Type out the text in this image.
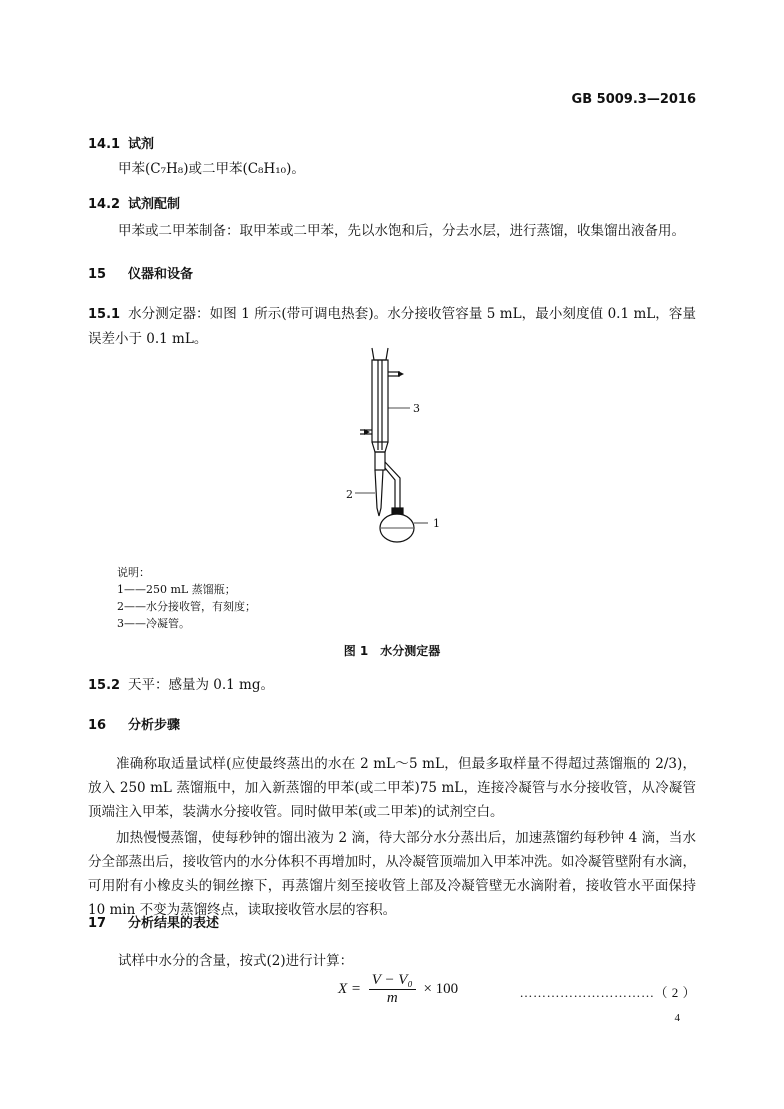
GB 5009.3—2016
14.1 试剂
甲苯(C₇H₈)或二甲苯(C₈H₁₀)。
14.2 试剂配制
甲苯或二甲苯制备：取甲苯或二甲苯，先以水饱和后，分去水层，进行蒸馏，收集馏出液备用。
15 仪器和设备
15.1 水分测定器：如图 1 所示(带可调电热套)。水分接收管容量 5 mL，最小刻度值 0.1 mL，容量误差小于 0.1 mL。
3
2
1
说明：
1——250 mL 蒸馏瓶；
2——水分接收管，有刻度；
3——冷凝管。
图 1　水分测定器
15.2 天平：感量为 0.1 mg。
16 分析步骤
准确称取适量试样(应使最终蒸出的水在 2 mL～5 mL，但最多取样量不得超过蒸馏瓶的 2/3)，放入 250 mL 蒸馏瓶中，加入新蒸馏的甲苯(或二甲苯)75 mL，连接冷凝管与水分接收管，从冷凝管顶端注入甲苯，装满水分接收管。同时做甲苯(或二甲苯)的试剂空白。
加热慢慢蒸馏，使每秒钟的馏出液为 2 滴，待大部分水分蒸出后，加速蒸馏约每秒钟 4 滴，当水分全部蒸出后，接收管内的水分体积不再增加时，从冷凝管顶端加入甲苯冲洗。如冷凝管壁附有水滴，可用附有小橡皮头的铜丝擦下，再蒸馏片刻至接收管上部及冷凝管壁无水滴附着，接收管水平面保持 10 min 不变为蒸馏终点，读取接收管水层的容积。
17 分析结果的表述
试样中水分的含量，按式(2)进行计算：
$X = \frac{\text{V − V₀}}{m} \times 100$	…………………………（ 2 ）
4
